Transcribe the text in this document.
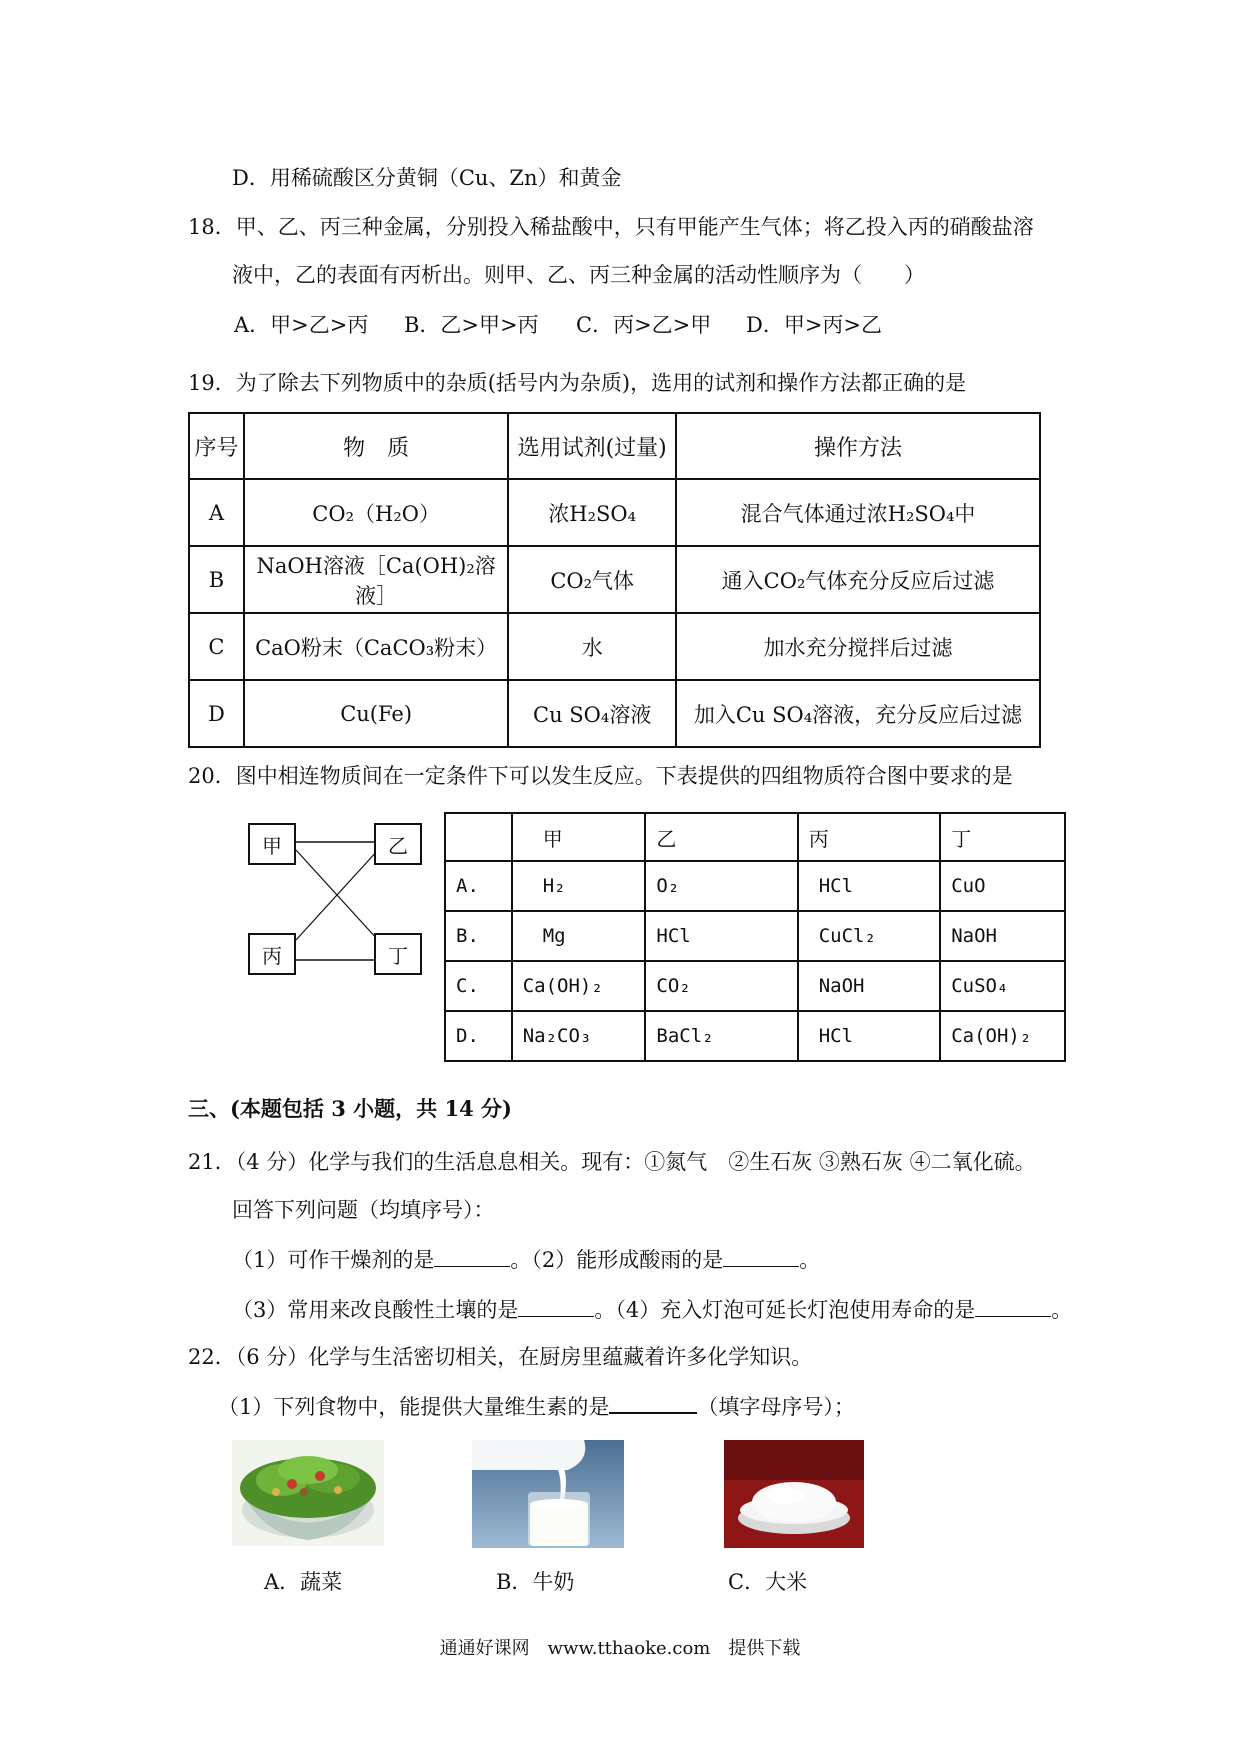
D．用稀硫酸区分黄铜（Cu、Zn）和黄金
18．甲、乙、丙三种金属，分别投入稀盐酸中，只有甲能产生气体；将乙投入丙的硝酸盐溶
液中，乙的表面有丙析出。则甲、乙、丙三种金属的活动性顺序为（　　）
A．甲>乙>丙 B．乙>甲>丙 C．丙>乙>甲 D．甲>丙>乙
19．为了除去下列物质中的杂质(括号内为杂质)，选用的试剂和操作方法都正确的是
序号	物　质	选用试剂(过量)	操作方法
A	CO₂（H₂O）	浓H₂SO₄	混合气体通过浓H₂SO₄中
B	NaOH溶液［Ca(OH)₂溶液］	CO₂气体	通入CO₂气体充分反应后过滤
C	CaO粉末（CaCO₃粉末）	水	加水充分搅拌后过滤
D	Cu(Fe)	Cu SO₄溶液	加入Cu SO₄溶液，充分反应后过滤
20．图中相连物质间在一定条件下可以发生反应。下表提供的四组物质符合图中要求的是
甲	乙
丙	丁
	甲	乙	丙	丁
A.	H₂	O₂	HCl	CuO
B.	Mg	HCl	CuCl₂	NaOH
C.	Ca(OH)₂	CO₂	NaOH	CuSO₄
D.	Na₂CO₃	BaCl₂	HCl	Ca(OH)₂
三、(本题包括 3 小题，共 14 分)
21．（4 分）化学与我们的生活息息相关。现有：①氮气　②生石灰 ③熟石灰 ④二氧化硫。
回答下列问题（均填序号）：
（1）可作干燥剂的是	。（2）能形成酸雨的是	。
（3）常用来改良酸性土壤的是	。（4）充入灯泡可延长灯泡使用寿命的是	。
22．（6 分）化学与生活密切相关，在厨房里蕴藏着许多化学知识。
（1）下列食物中，能提供大量维生素的是	（填字母序号）；
A．蔬菜	B．牛奶	C．大米
通通好课网　www.tthaoke.com　提供下载
